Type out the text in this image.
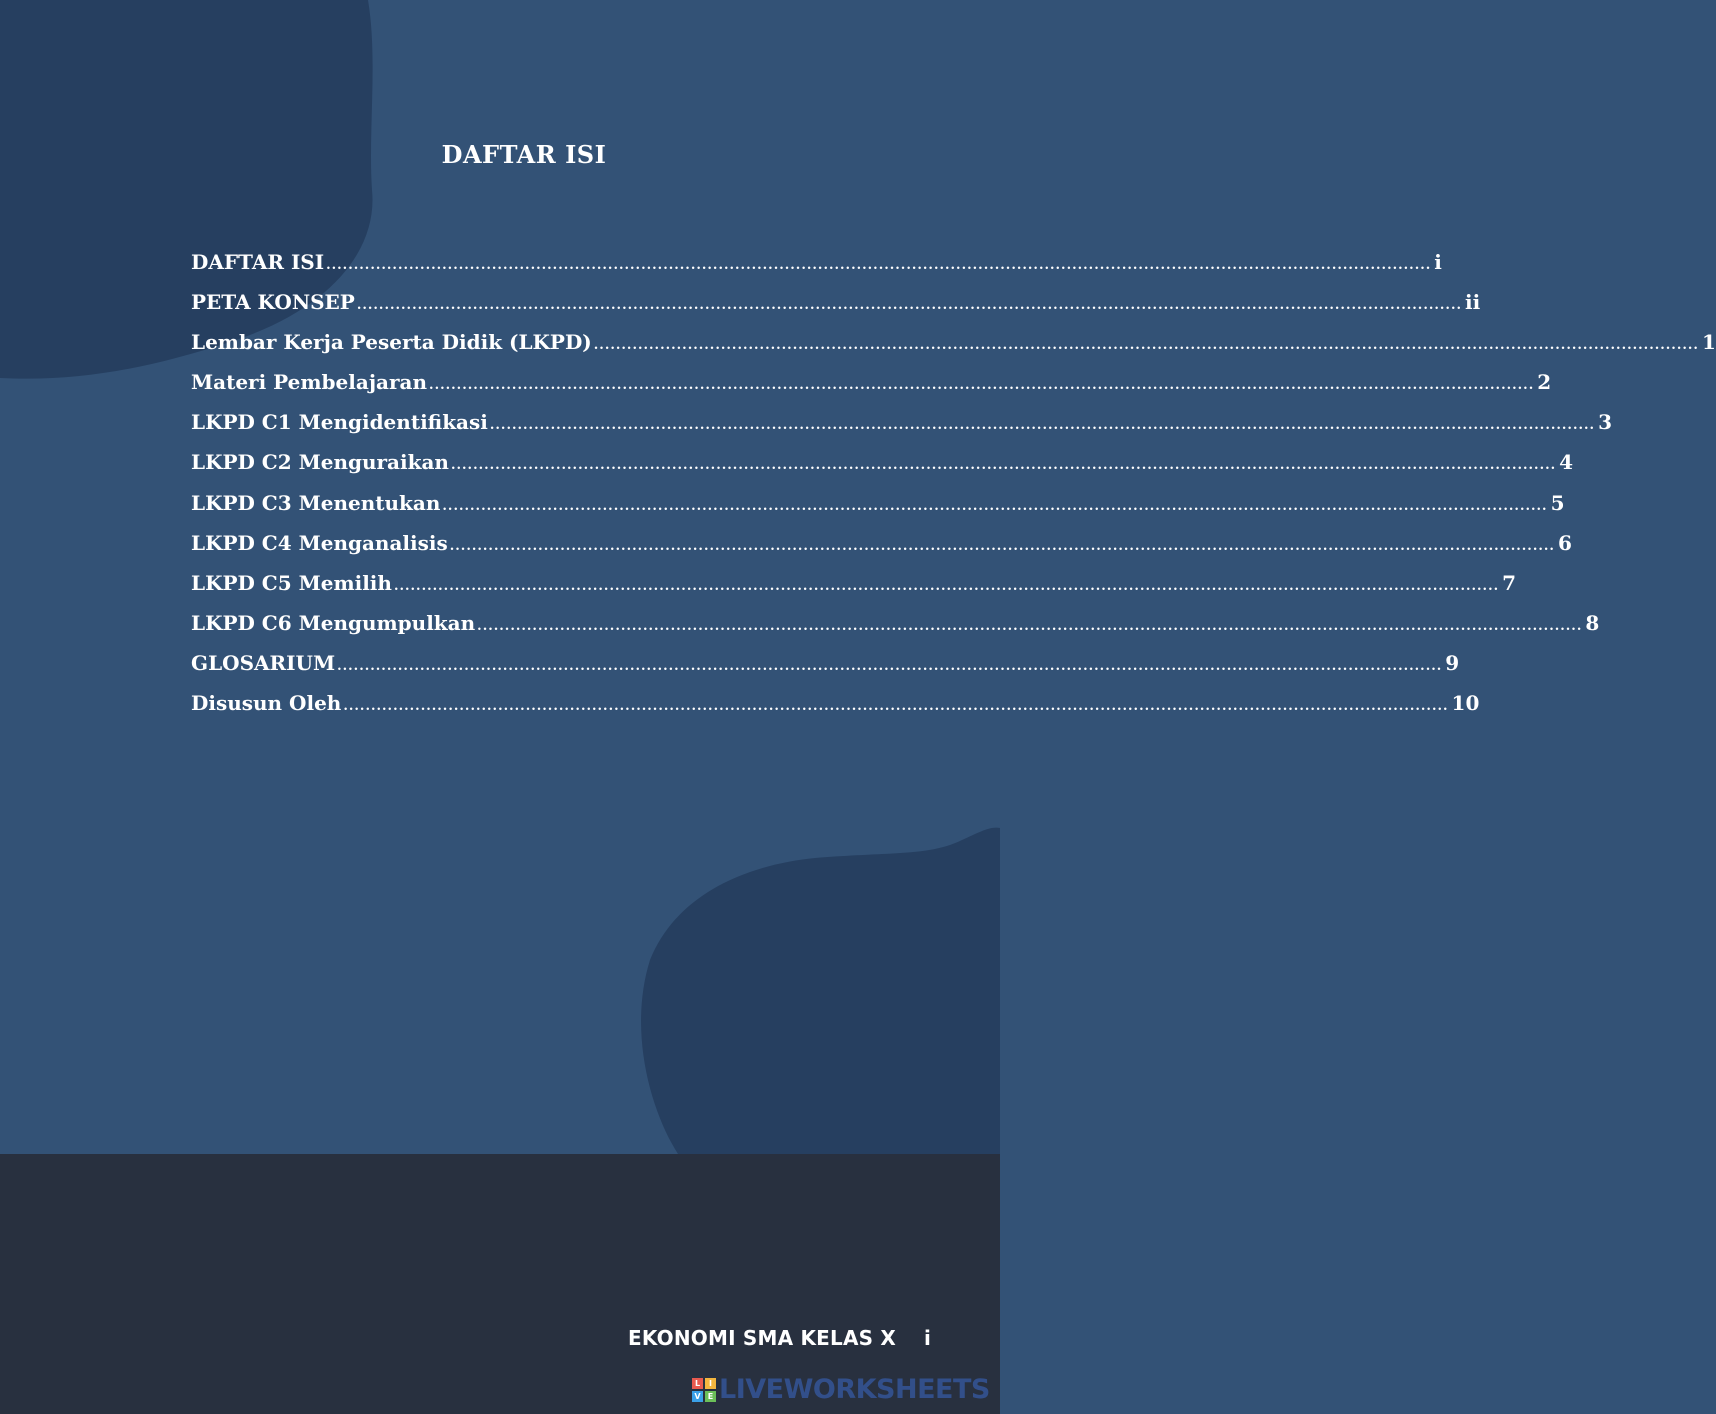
DAFTAR ISI
DAFTAR ISI ........................................................................................................................................................................................................ i
PETA KONSEP ........................................................................................................................................................................................................ ii
Lembar Kerja Peserta Didik (LKPD) ........................................................................................................................................................................................................ 1
Materi Pembelajaran ........................................................................................................................................................................................................ 2
LKPD C1 Mengidentifikasi ........................................................................................................................................................................................................ 3
LKPD C2 Menguraikan ........................................................................................................................................................................................................ 4
LKPD C3 Menentukan ........................................................................................................................................................................................................ 5
LKPD C4 Menganalisis ........................................................................................................................................................................................................ 6
LKPD C5 Memilih ........................................................................................................................................................................................................ 7
LKPD C6 Mengumpulkan ........................................................................................................................................................................................................ 8
GLOSARIUM ........................................................................................................................................................................................................ 9
Disusun Oleh ........................................................................................................................................................................................................ 10
EKONOMI SMA KELAS X i
L	I
V E LIVEWORKSHEETS
